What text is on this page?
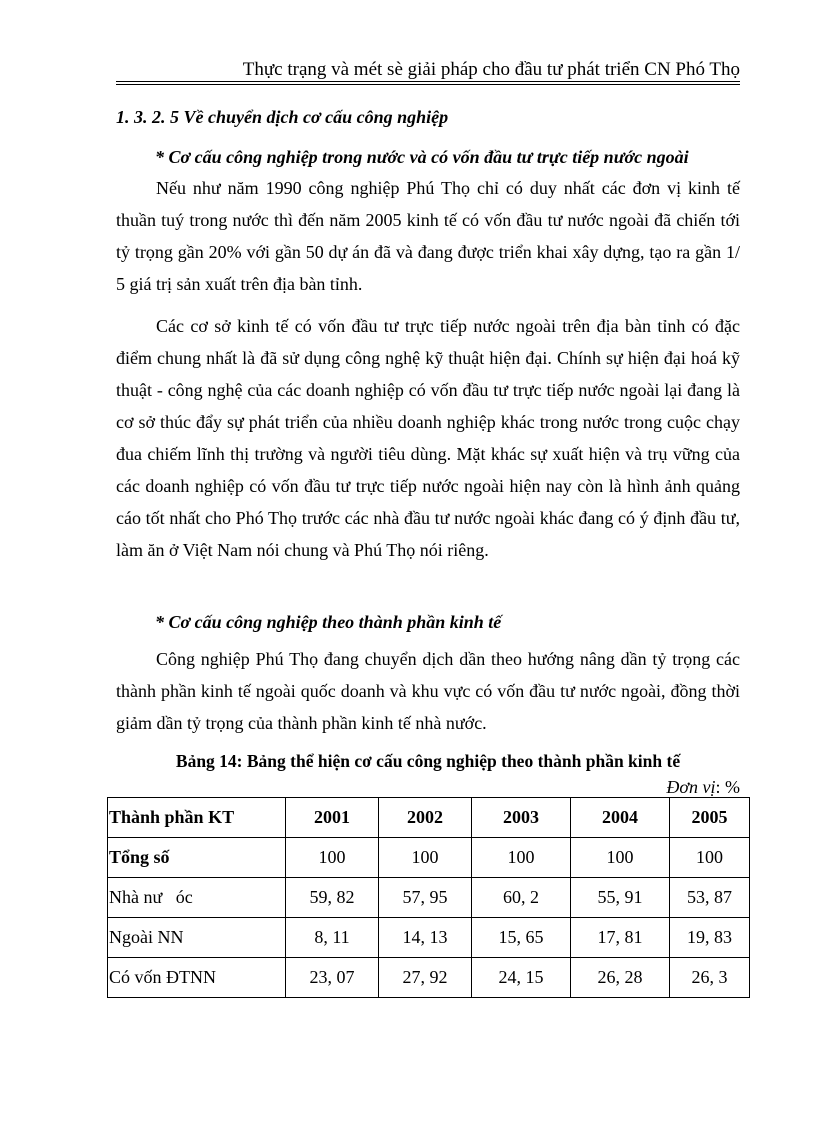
Thực trạng và mét sè giải pháp cho đầu tư phát triển CN Phó Thọ
1. 3. 2. 5 Về chuyển dịch cơ cấu công nghiệp
* Cơ cấu công nghiệp trong nước và có vốn đầu tư trực tiếp nước ngoài

Nếu như năm 1990 công nghiệp Phú Thọ chỉ có duy nhất các đơn vị kinh tế thuần tuý trong nước thì đến năm 2005 kinh tế có vốn đầu tư nước ngoài đã chiến tới tỷ trọng gần 20% với gần 50 dự án đã và đang được triển khai xây dựng, tạo ra gần 1/ 5 giá trị sản xuất trên địa bàn tỉnh.

Các cơ sở kinh tế có vốn đầu tư trực tiếp nước ngoài trên địa bàn tỉnh có đặc điểm chung nhất là đã sử dụng công nghệ kỹ thuật hiện đại. Chính sự hiện đại hoá kỹ thuật - công nghệ của các doanh nghiệp có vốn đầu tư trực tiếp nước ngoài lại đang là cơ sở thúc đẩy sự phát triển của nhiều doanh nghiệp khác trong nước trong cuộc chạy đua chiếm lĩnh thị trường và người tiêu dùng. Mặt khác sự xuất hiện và trụ vững của các doanh nghiệp có vốn đầu tư trực tiếp nước ngoài hiện nay còn là hình ảnh quảng cáo tốt nhất cho Phó Thọ trước các nhà đầu tư nước ngoài khác đang có ý định đầu tư, làm ăn ở Việt Nam nói chung và Phú Thọ nói riêng.

* Cơ cấu công nghiệp theo thành phần kinh tế

Công nghiệp Phú Thọ đang chuyển dịch dần theo hướng nâng dần tỷ trọng các thành phần kinh tế ngoài quốc doanh và khu vực có vốn đầu tư nước ngoài, đồng thời giảm dần tỷ trọng của thành phần kinh tế nhà nước.

Bảng 14: Bảng thể hiện cơ cấu công nghiệp theo thành phần kinh tế
Đơn vị: %
Thành phần KT	2001	2002	2003	2004	2005
Tổng số	100	100	100	100	100
Nhà nư   óc	59, 82	57, 95	60, 2	55, 91	53, 87
Ngoài NN	8, 11	14, 13	15, 65	17, 81	19, 83
Có vốn ĐTNN	23, 07	27, 92	24, 15	26, 28	26, 3
